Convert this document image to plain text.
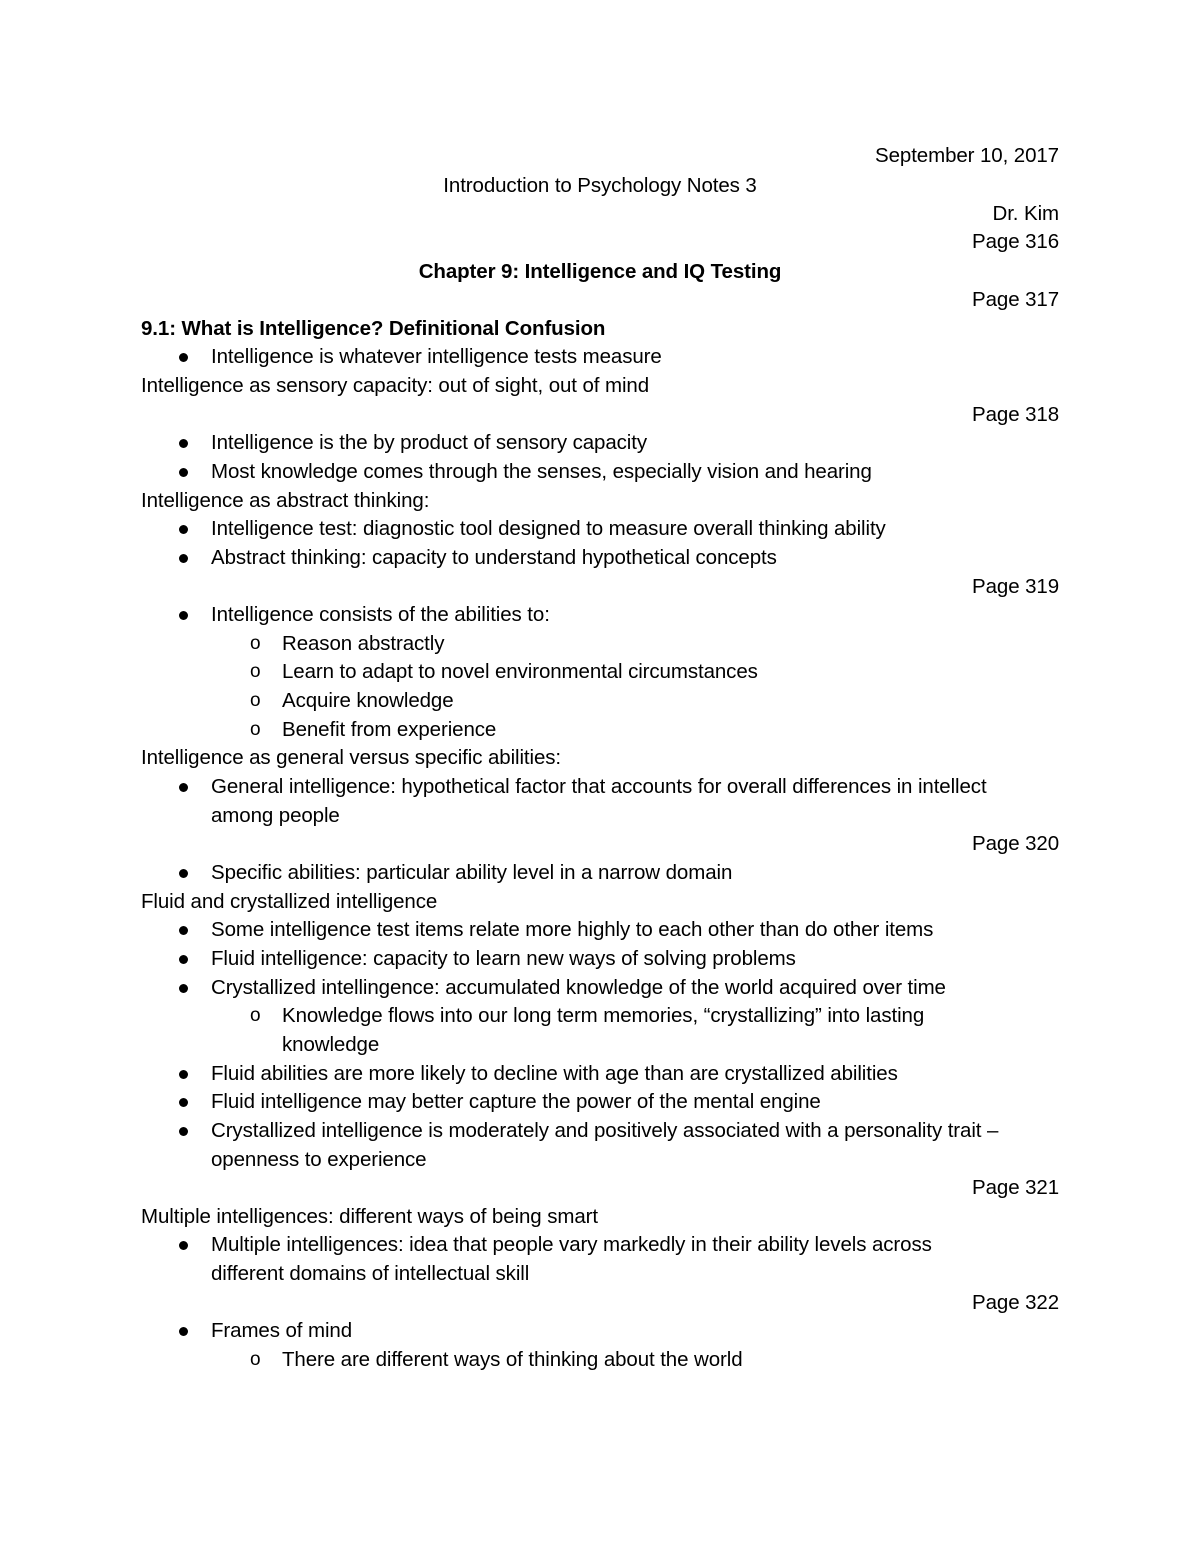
September 10, 2017
Introduction to Psychology Notes 3
Dr. Kim
Page 316
Chapter 9: Intelligence and IQ Testing
Page 317
9.1: What is Intelligence? Definitional Confusion
Intelligence is whatever intelligence tests measure
Intelligence as sensory capacity: out of sight, out of mind
Page 318
Intelligence is the by product of sensory capacity
Most knowledge comes through the senses, especially vision and hearing
Intelligence as abstract thinking:
Intelligence test: diagnostic tool designed to measure overall thinking ability
Abstract thinking: capacity to understand hypothetical concepts
Page 319
Intelligence consists of the abilities to:
Reason abstractly
o
Learn to adapt to novel environmental circumstances
o
Acquire knowledge
o
Benefit from experience
o
Intelligence as general versus specific abilities:
General intelligence: hypothetical factor that accounts for overall differences in intellect
among people
Page 320
Specific abilities: particular ability level in a narrow domain
Fluid and crystallized intelligence
Some intelligence test items relate more highly to each other than do other items
Fluid intelligence: capacity to learn new ways of solving problems
Crystallized intellingence: accumulated knowledge of the world acquired over time
Knowledge flows into our long term memories, “crystallizing” into lasting
o
knowledge
Fluid abilities are more likely to decline with age than are crystallized abilities
Fluid intelligence may better capture the power of the mental engine
Crystallized intelligence is moderately and positively associated with a personality trait –
openness to experience
Page 321
Multiple intelligences: different ways of being smart
Multiple intelligences: idea that people vary markedly in their ability levels across
different domains of intellectual skill
Page 322
Frames of mind
There are different ways of thinking about the world
o
